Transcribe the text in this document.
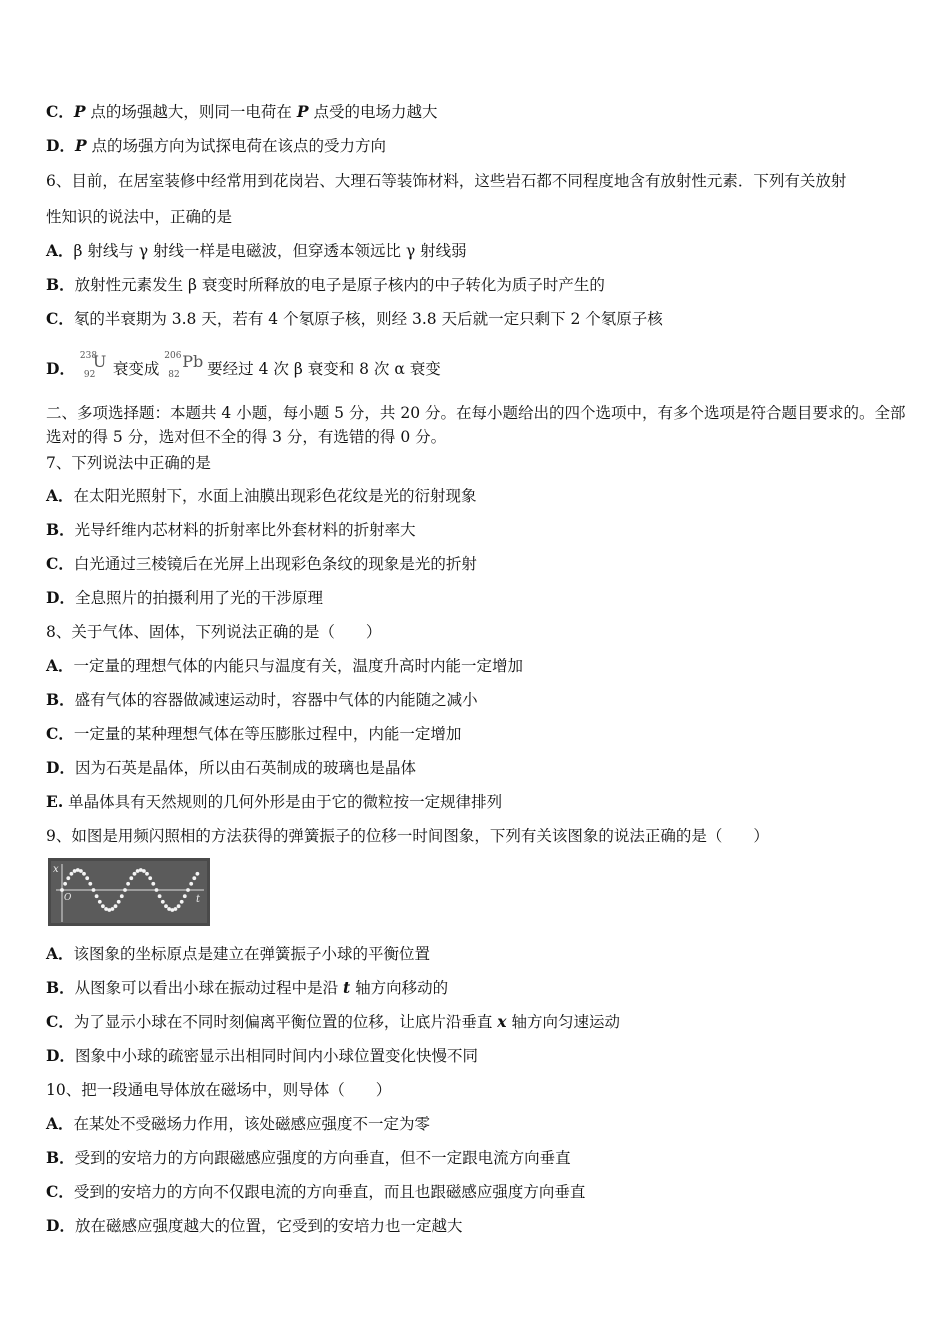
C．P 点的场强越大，则同一电荷在 P 点受的电场力越大
D．P 点的场强方向为试探电荷在该点的受力方向
6、目前，在居室装修中经常用到花岗岩、大理石等装饰材料，这些岩石都不同程度地含有放射性元素．下列有关放射
性知识的说法中，正确的是
A．β 射线与 γ 射线一样是电磁波，但穿透本领远比 γ 射线弱
B．放射性元素发生 β 衰变时所释放的电子是原子核内的中子转化为质子时产生的
C．氡的半衰期为 3.8 天，若有 4 个氡原子核，则经 3.8 天后就一定只剩下 2 个氡原子核
D．
238
92
U 衰变成
206
82
Pb
要经过 4 次 β 衰变和 8 次 α 衰变
二、多项选择题：本题共 4 小题，每小题 5 分，共 20 分。在每小题给出的四个选项中，有多个选项是符合题目要求的。全部选对的得 5 分，选对但不全的得 3 分，有选错的得 0 分。
7、下列说法中正确的是
A．在太阳光照射下，水面上油膜出现彩色花纹是光的衍射现象
B．光导纤维内芯材料的折射率比外套材料的折射率大
C．白光通过三棱镜后在光屏上出现彩色条纹的现象是光的折射
D．全息照片的拍摄利用了光的干涉原理
8、关于气体、固体，下列说法正确的是（　　）
A．一定量的理想气体的内能只与温度有关，温度升高时内能一定增加
B．盛有气体的容器做减速运动时，容器中气体的内能随之减小
C．一定量的某种理想气体在等压膨胀过程中，内能一定增加
D．因为石英是晶体，所以由石英制成的玻璃也是晶体
E. 单晶体具有天然规则的几何外形是由于它的微粒按一定规律排列
9、如图是用频闪照相的方法获得的弹簧振子的位移一时间图象，下列有关该图象的说法正确的是（　　）
x
O	t
A．该图象的坐标原点是建立在弹簧振子小球的平衡位置
B．从图象可以看出小球在振动过程中是沿 t 轴方向移动的
C．为了显示小球在不同时刻偏离平衡位置的位移，让底片沿垂直 x 轴方向匀速运动
D．图象中小球的疏密显示出相同时间内小球位置变化快慢不同
10、把一段通电导体放在磁场中，则导体（　　）
A．在某处不受磁场力作用，该处磁感应强度不一定为零
B．受到的安培力的方向跟磁感应强度的方向垂直，但不一定跟电流方向垂直
C．受到的安培力的方向不仅跟电流的方向垂直，而且也跟磁感应强度方向垂直
D．放在磁感应强度越大的位置，它受到的安培力也一定越大
